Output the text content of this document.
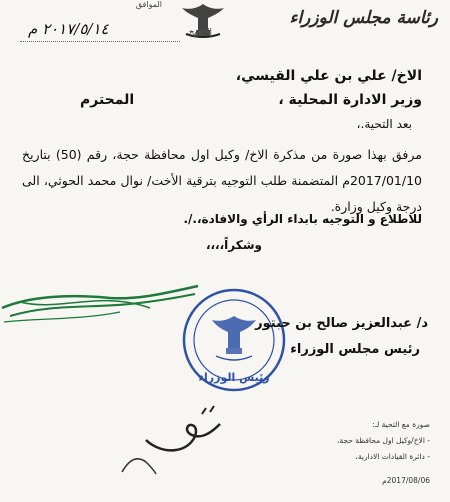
رئاسة مجلس الوزراء
الموافق
٢٠١٧/٥/١٤ م	التاريخ
الاخ/ علي بن علي القيسي،
وزير الادارة المحلية ،
المحترم
بعد التحية.،
مرفق بهذا صورة من مذكرة الاخ/ وكيل اول محافظة حجة، رقم (50) بتاريخ 2017/01/10م المتضمنة طلب التوجيه بترقية الأخت/ نوال محمد الحوثي، الى درجة وكيل وزارة.
للاطلاع و التوجيه بابداء الرأي والافادة،./.
وشكراً،،،،
رئيس الوزراء
د/ عبدالعزيز صالح بن حبتور
رئيس مجلس الوزراء
صورة مع التحية لـ:
- الاخ/وكيل اول محافظة حجة،
- دائرة القيادات الادارية،
2017/08/06م
